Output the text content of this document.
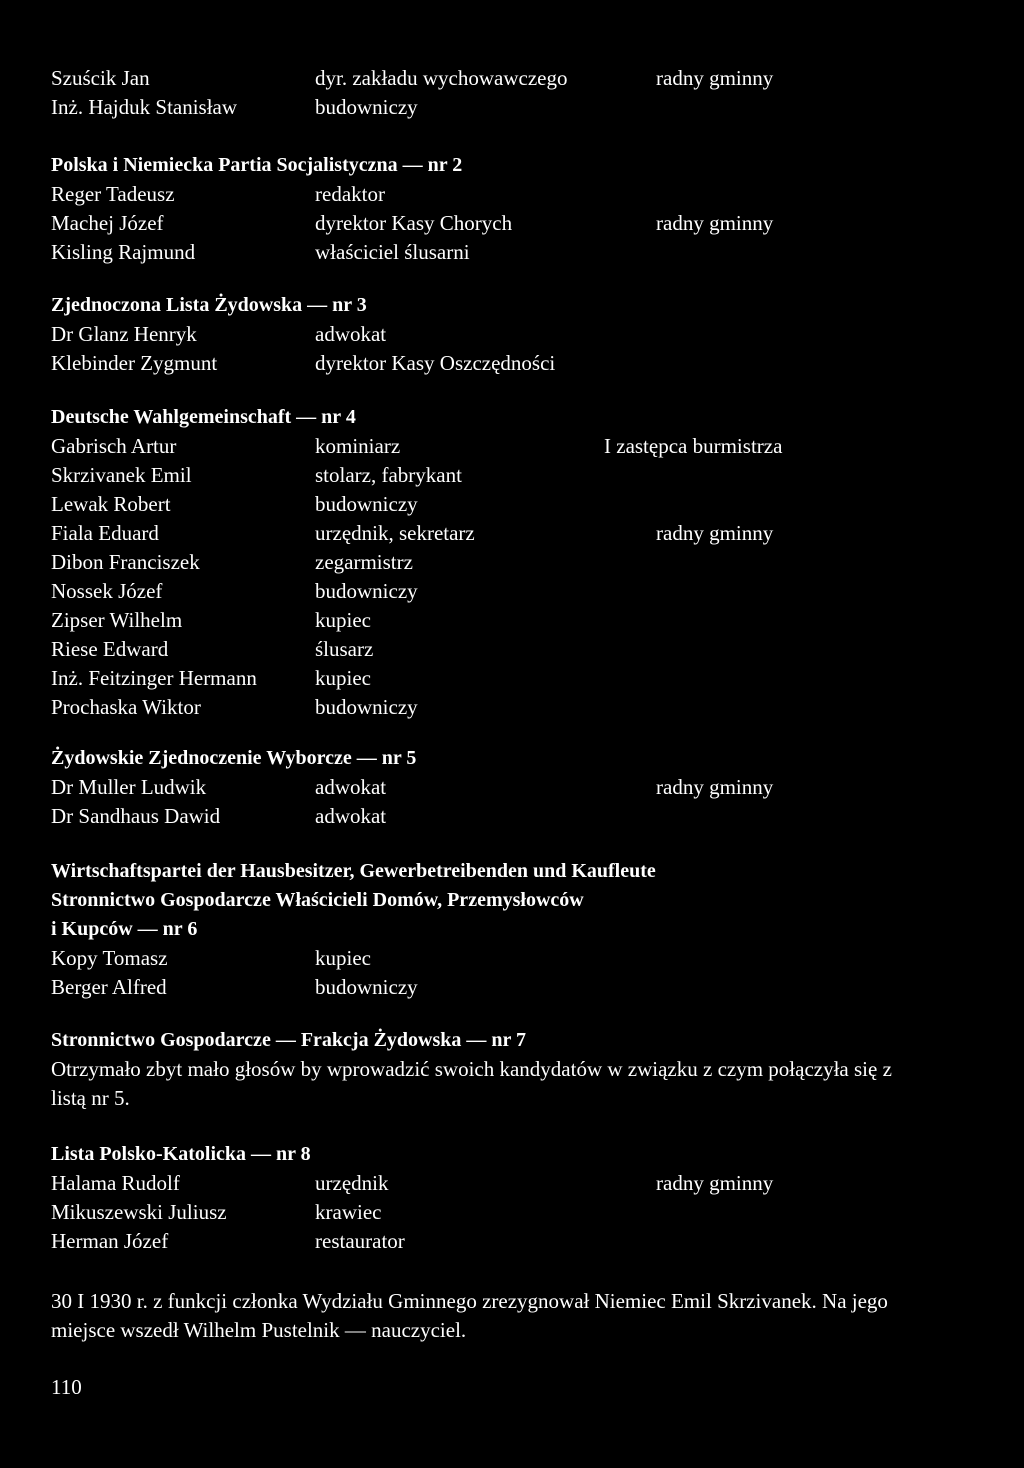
Szuścik Jan	dyr. zakładu wychowawczego	radny gminny
Inż. Hajduk Stanisław	budowniczy
Polska i Niemiecka Partia Socjalistyczna — nr 2
Reger Tadeusz	redaktor
Machej Józef	dyrektor Kasy Chorych	radny gminny
Kisling Rajmund	właściciel ślusarni
Zjednoczona Lista Żydowska — nr 3
Dr Glanz Henryk	adwokat
Klebinder Zygmunt	dyrektor Kasy Oszczędności
Deutsche Wahlgemeinschaft — nr 4
Gabrisch Artur	kominiarz	I zastępca burmistrza
Skrzivanek Emil	stolarz, fabrykant
Lewak Robert	budowniczy
Fiala Eduard	urzędnik, sekretarz	radny gminny
Dibon Franciszek	zegarmistrz
Nossek Józef	budowniczy
Zipser Wilhelm	kupiec
Riese Edward	ślusarz
Inż. Feitzinger Hermann	kupiec
Prochaska Wiktor	budowniczy
Żydowskie Zjednoczenie Wyborcze — nr 5
Dr Muller Ludwik	adwokat	radny gminny
Dr Sandhaus Dawid	adwokat
Wirtschaftspartei der Hausbesitzer, Gewerbetreibenden und Kaufleute
Stronnictwo Gospodarcze Właścicieli Domów, Przemysłowców
i Kupców — nr 6
Kopy Tomasz	kupiec
Berger Alfred	budowniczy
Stronnictwo Gospodarcze — Frakcja Żydowska — nr 7
Otrzymało zbyt mało głosów by wprowadzić swoich kandydatów w związku z czym połączyła się z listą nr 5.
Lista Polsko-Katolicka — nr 8
Halama Rudolf	urzędnik	radny gminny
Mikuszewski Juliusz	krawiec
Herman Józef	restaurator
30 I 1930 r. z funkcji członka Wydziału Gminnego zrezygnował Niemiec Emil Skrzivanek. Na jego miejsce wszedł Wilhelm Pustelnik — nauczyciel.
110
